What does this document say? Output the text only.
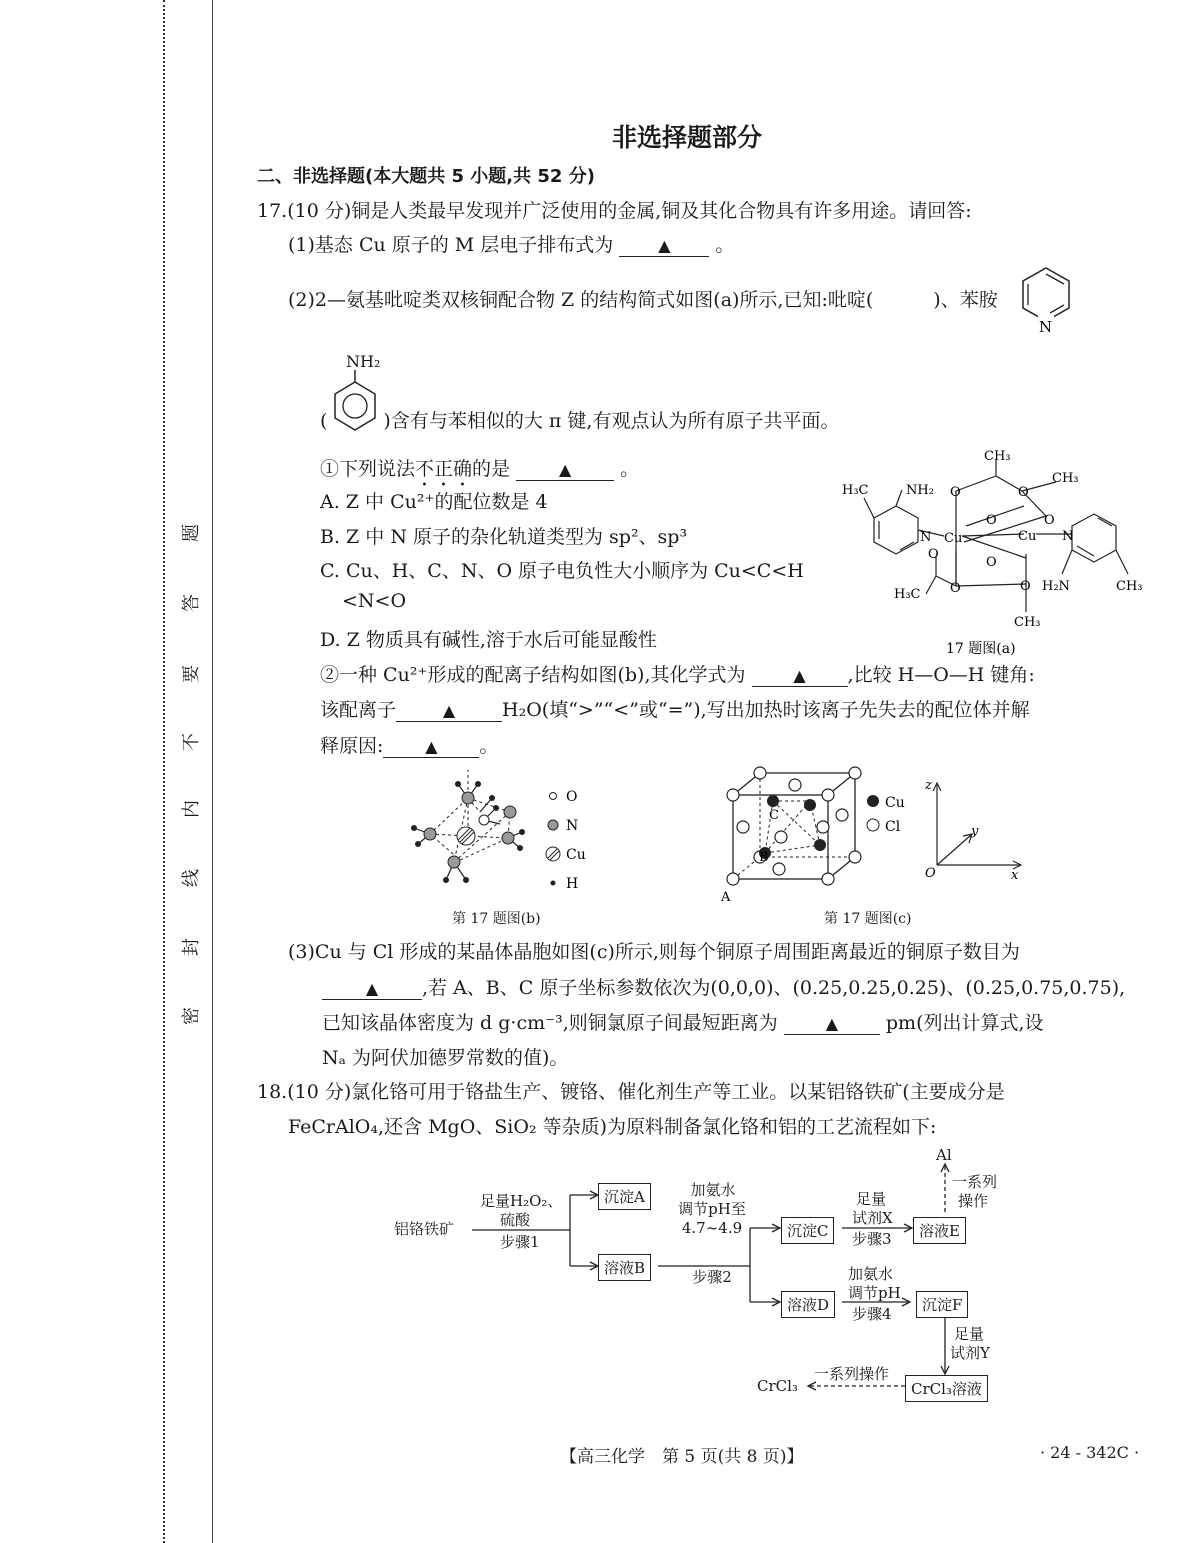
密
封
线
内
不
要
答
题
非选择题部分
二、非选择题(本大题共 5 小题,共 52 分)
17.(10 分)铜是人类最早发现并广泛使用的金属,铜及其化合物具有许多用途。请回答:
(1)基态 Cu 原子的 M 层电子排布式为	▲ 。
(2)2—氨基吡啶类双核铜配合物 Z 的结构简式如图(a)所示,已知:吡啶(	)、苯胺
N
NH₂
(	)含有与苯相似的大 π 键,有观点认为所有原子共平面。
①下列说法不正确的是	▲	。
A. Z 中 Cu²⁺的配位数是 4
B. Z 中 N 原子的杂化轨道类型为 sp²、sp³
C. Cu、H、C、N、O 原子电负性大小顺序为 Cu<C<H
<N<O
D. Z 物质具有碱性,溶于水后可能显酸性
H₃C	NH₂
N Cu	Cu N
CH₃
CH₃
O	O
O	O
O
O
O	O
H₃C
H₂N	CH₃
CH₃
17 题图(a)
②一种 Cu²⁺形成的配离子结构如图(b),其化学式为	▲ ,比较 H—O—H 键角:
该配离子	▲ H₂O(填“>”“<”或“=”),写出加热时该离子先失去的配位体并解
释原因:	▲ 。
O
N
Cu
H
第 17 题图(b)
C
B
A
Cu
Cl
z
y
x
O
第 17 题图(c)
(3)Cu 与 Cl 形成的某晶体晶胞如图(c)所示,则每个铜原子周围距离最近的铜原子数目为
▲ ,若 A、B、C 原子坐标参数依次为(0,0,0)、(0.25,0.25,0.25)、(0.25,0.75,0.75),
已知该晶体密度为 d g·cm⁻³,则铜氯原子间最短距离为	▲	pm(列出计算式,设
Nₐ 为阿伏加德罗常数的值)。
18.(10 分)氯化铬可用于铬盐生产、镀铬、催化剂生产等工业。以某铝铬铁矿(主要成分是
FeCrAlO₄,还含 MgO、SiO₂ 等杂质)为原料制备氯化铬和铝的工艺流程如下:
铝铬铁矿
足量H₂O₂、
硫酸
步骤1
沉淀A
溶液B
加氨水
调节pH至
4.7~4.9
步骤2
沉淀C
溶液D
足量
试剂X
步骤3	溶液E
Al
一系列
操作
加氨水
调节pH
步骤4	沉淀F
足量
试剂Y
CrCl₃溶液
一系列操作
CrCl₃
【高三化学　第 5 页(共 8 页)】	· 24 - 342C ·
